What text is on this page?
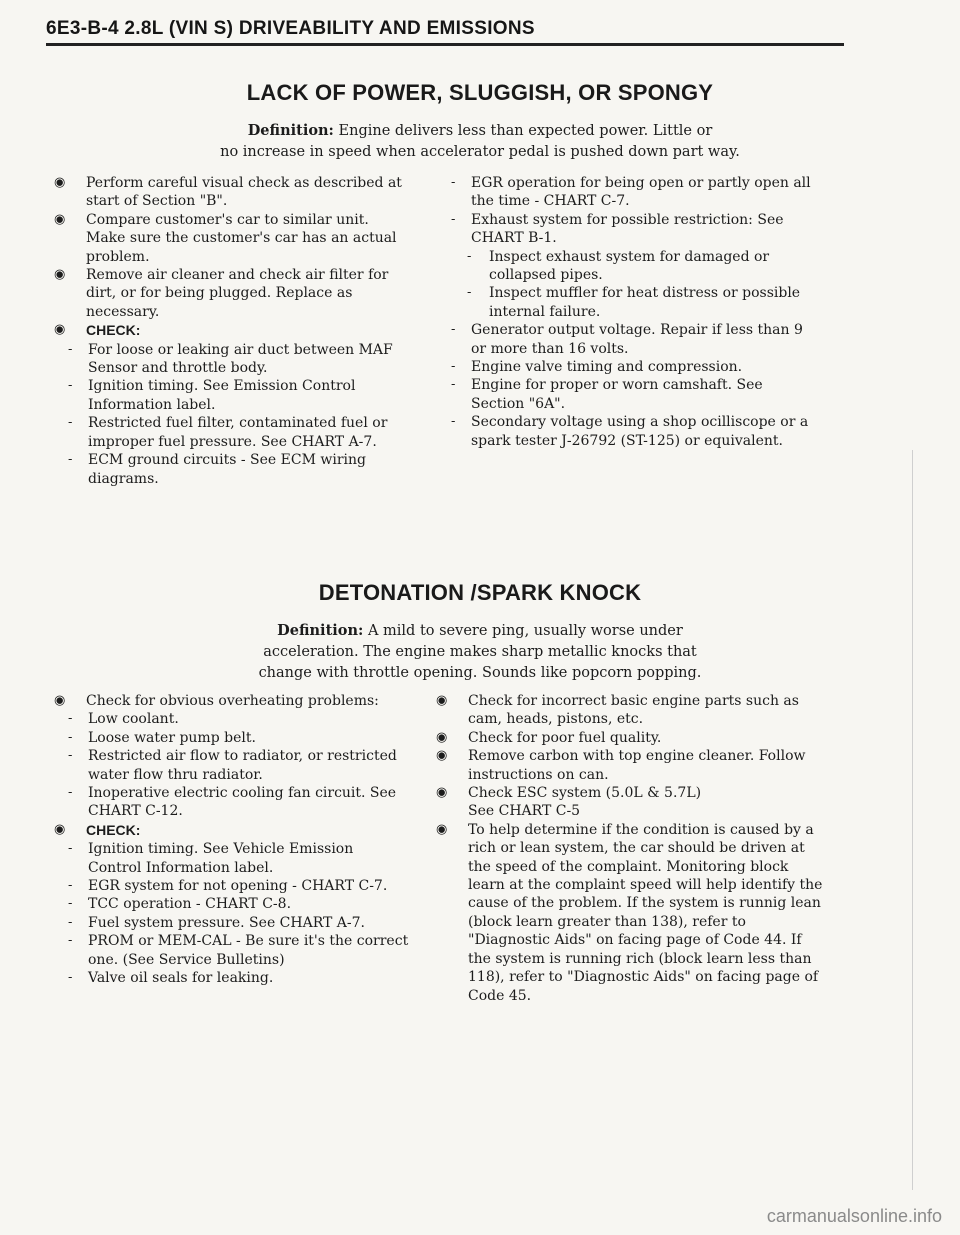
6E3-B-4 2.8L (VIN S) DRIVEABILITY AND EMISSIONS
LACK OF POWER, SLUGGISH, OR SPONGY
Definition: Engine delivers less than expected power. Little or
no increase in speed when accelerator pedal is pushed down part way.
◉ Perform careful visual check as described at
start of Section "B".
◉ Compare customer's car to similar unit.
Make sure the customer's car has an actual
problem.
◉ Remove air cleaner and check air filter for
dirt, or for being plugged. Replace as
necessary.
◉ CHECK:
- For loose or leaking air duct between MAF
Sensor and throttle body.
- Ignition timing. See Emission Control
Information label.
- Restricted fuel filter, contaminated fuel or
improper fuel pressure. See CHART A-7.
- ECM ground circuits - See ECM wiring
diagrams.
- EGR operation for being open or partly open all
the time - CHART C-7.
- Exhaust system for possible restriction: See
CHART B-1.
- Inspect exhaust system for damaged or
collapsed pipes.
- Inspect muffler for heat distress or possible
internal failure.
- Generator output voltage. Repair if less than 9
or more than 16 volts.
- Engine valve timing and compression.
- Engine for proper or worn camshaft. See
Section "6A".
- Secondary voltage using a shop ocilliscope or a
spark tester J-26792 (ST-125) or equivalent.
DETONATION /SPARK KNOCK
Definition: A mild to severe ping, usually worse under
acceleration. The engine makes sharp metallic knocks that
change with throttle opening. Sounds like popcorn popping.
◉ Check for obvious overheating problems:
- Low coolant.
- Loose water pump belt.
- Restricted air flow to radiator, or restricted
water flow thru radiator.
- Inoperative electric cooling fan circuit. See
CHART C-12.
◉ CHECK:
- Ignition timing. See Vehicle Emission
Control Information label.
- EGR system for not opening - CHART C-7.
- TCC operation - CHART C-8.
- Fuel system pressure. See CHART A-7.
- PROM or MEM-CAL - Be sure it's the correct
one. (See Service Bulletins)
- Valve oil seals for leaking.
◉ Check for incorrect basic engine parts such as
cam, heads, pistons, etc.
◉ Check for poor fuel quality.
◉ Remove carbon with top engine cleaner. Follow
instructions on can.
◉ Check ESC system (5.0L & 5.7L)
See CHART C-5
◉ To help determine if the condition is caused by a
rich or lean system, the car should be driven at
the speed of the complaint. Monitoring block
learn at the complaint speed will help identify the
cause of the problem. If the system is runnig lean
(block learn greater than 138), refer to
"Diagnostic Aids" on facing page of Code 44. If
the system is running rich (block learn less than
118), refer to "Diagnostic Aids" on facing page of
Code 45.
carmanualsonline.info
